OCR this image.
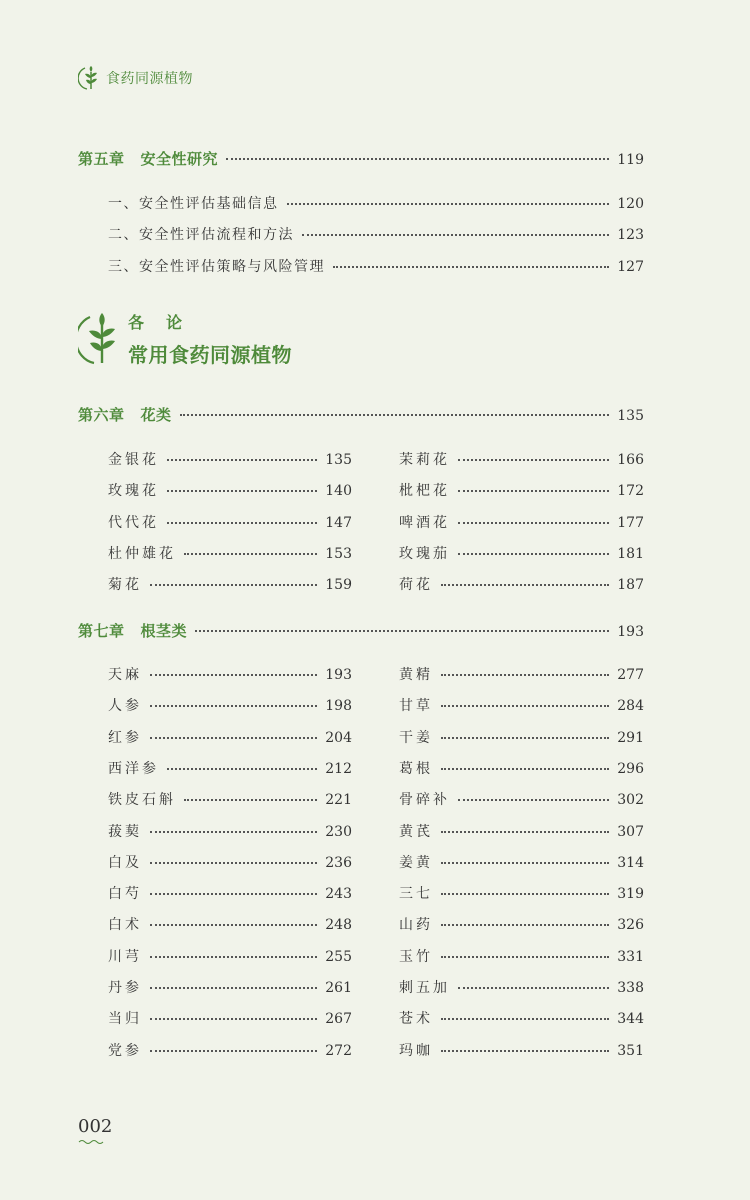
食药同源植物
第五章 安全性研究	119
一、安全性评估基础信息	120
二、安全性评估流程和方法	123
三、安全性评估策略与风险管理	127
各论
常用食药同源植物
第六章 花类	135
金银花	135
玫瑰花	140
代代花	147
杜仲雄花	153
菊花	159
茉莉花	166
枇杷花	172
啤酒花	177
玫瑰茄	181
荷花	187
第七章 根茎类	193
天麻	193
人参	198
红参	204
西洋参	212
铁皮石斛	221
菝葜	230
白及	236
白芍	243
白术	248
川芎	255
丹参	261
当归	267
党参	272
黄精	277
甘草	284
干姜	291
葛根	296
骨碎补	302
黄芪	307
姜黄	314
三七	319
山药	326
玉竹	331
刺五加	338
苍术	344
玛咖	351
002
